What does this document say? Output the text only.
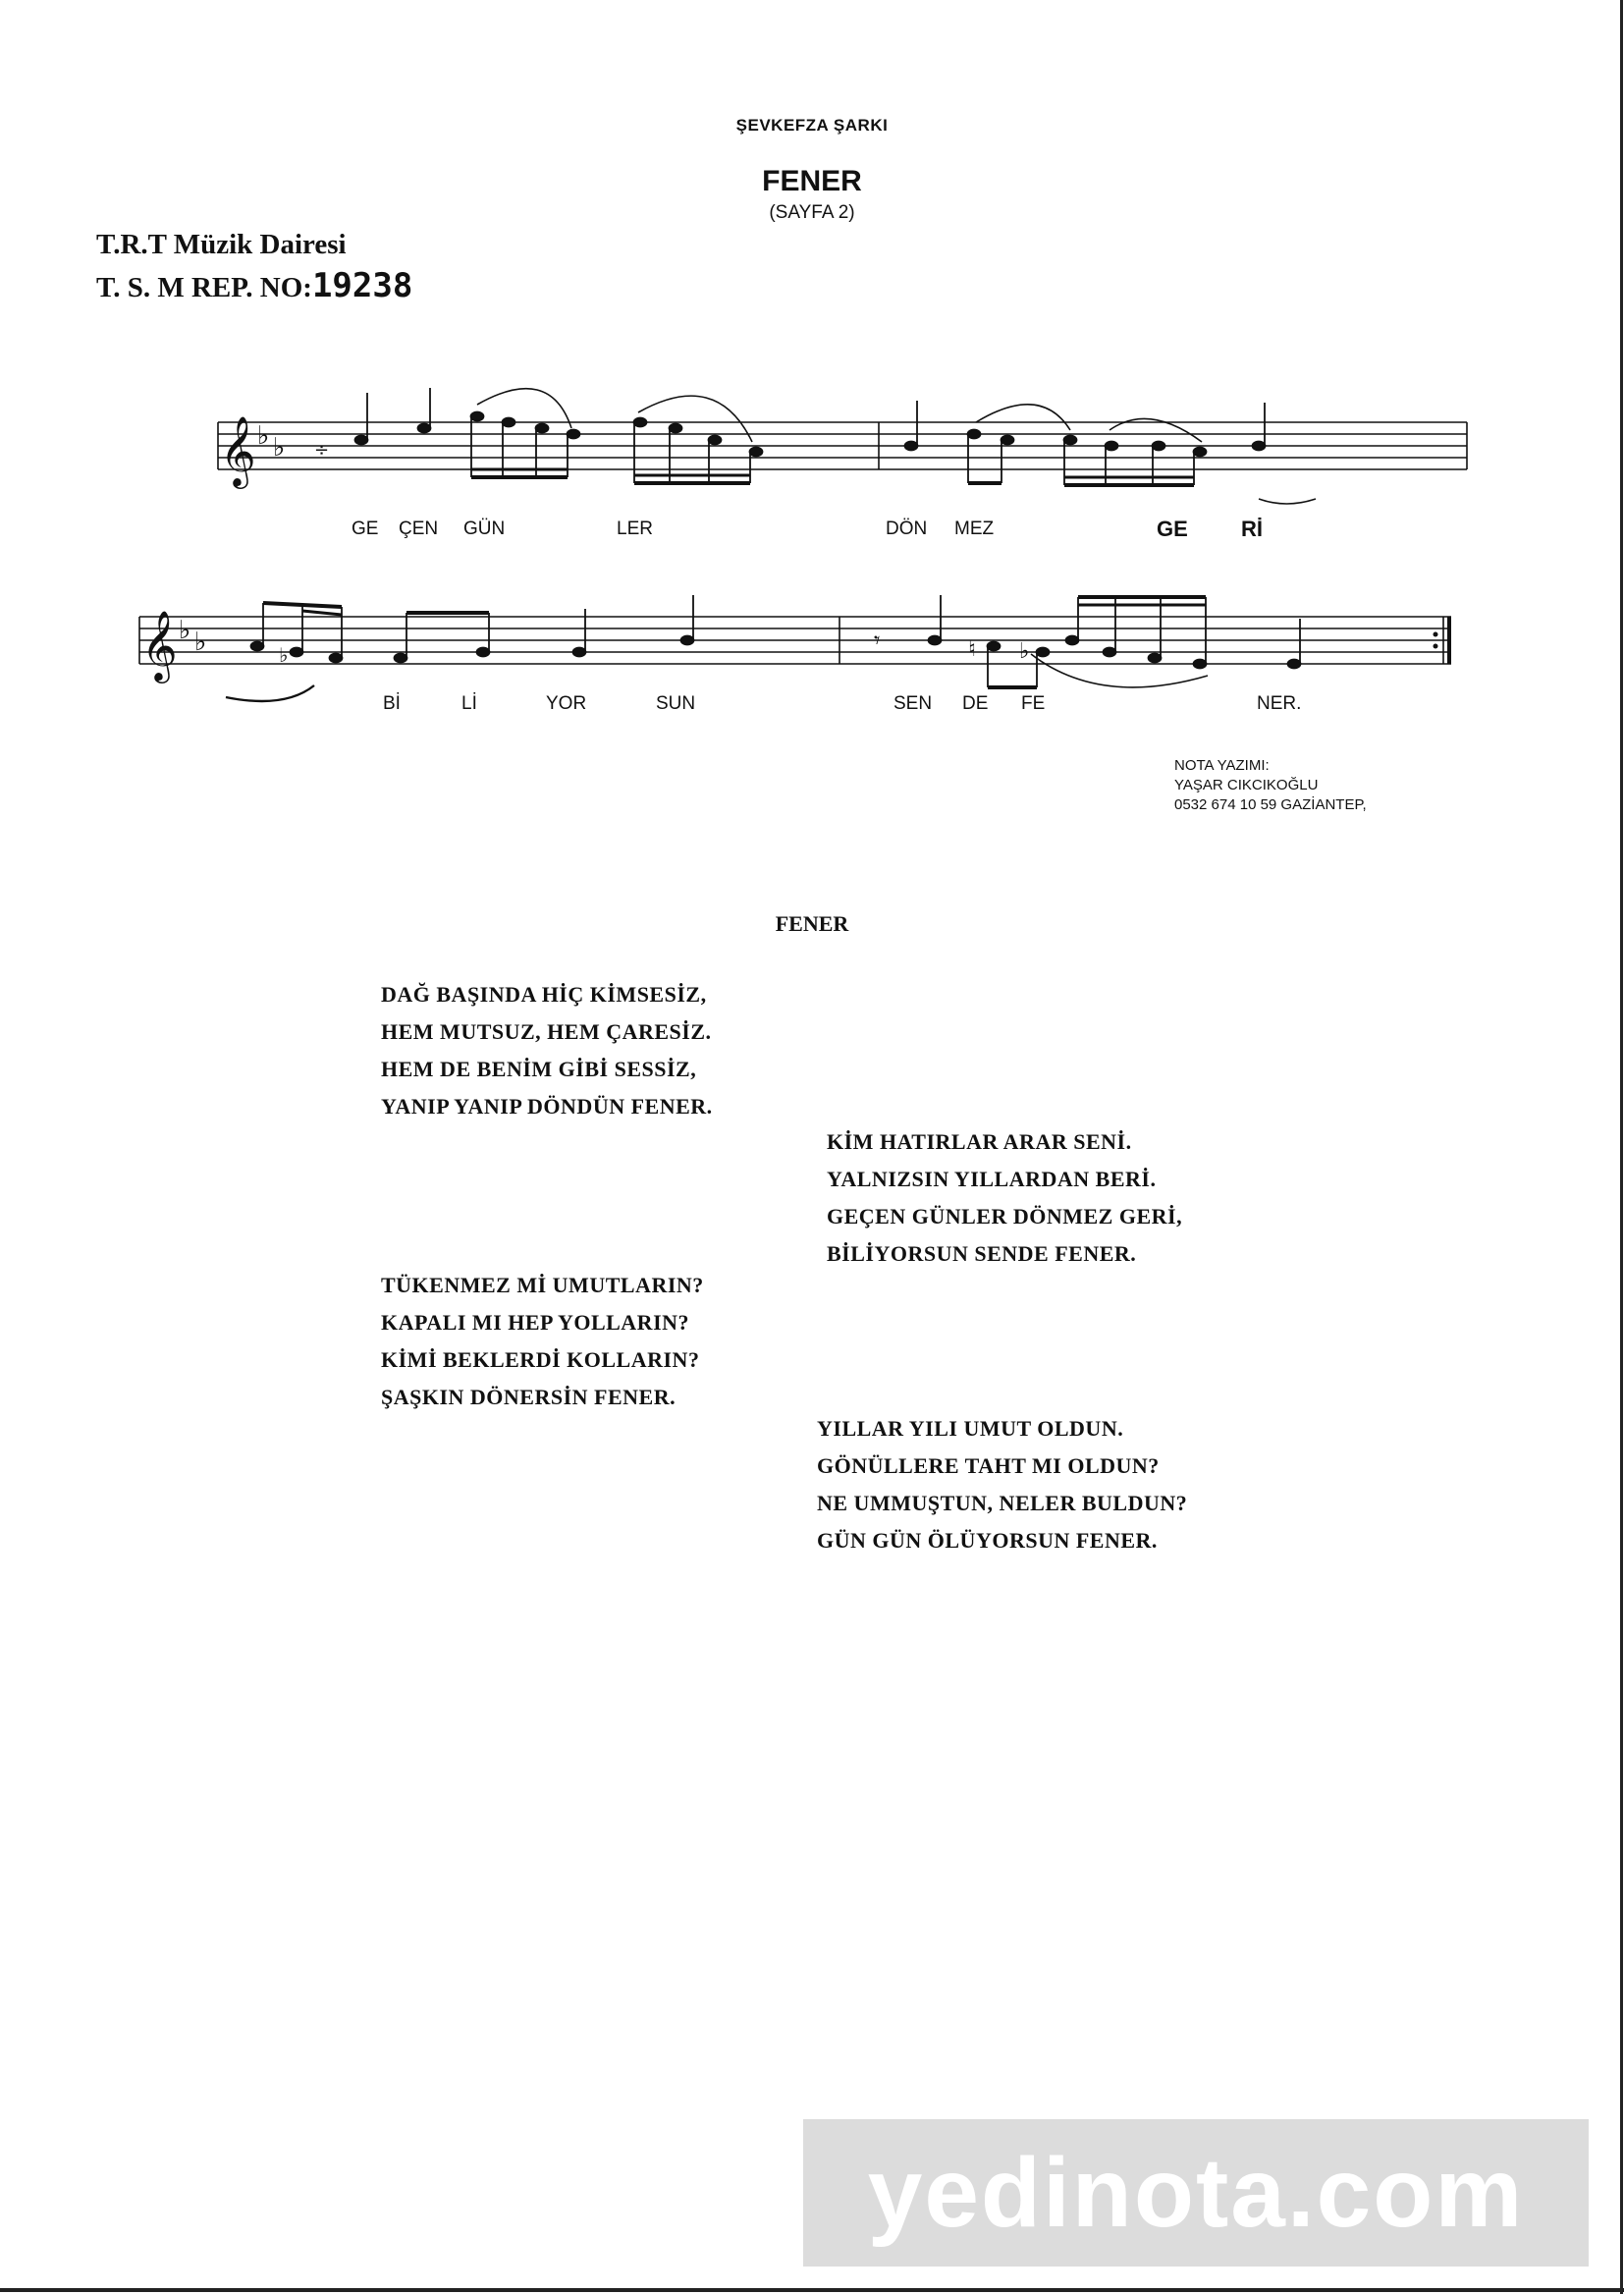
ŞEVKEFZA ŞARKI
FENER
(SAYFA 2)
T.R.T Müzik Dairesi
T. S. M REP. NO:19238
𝄞 ♭ ♭ ÷
GE ÇEN GÜN	LER	DÖN MEZ	GE Rİ
𝄞 ♭ ♭	♮ ♭
♭
𝄾
Bİ	Lİ	YOR	SUN	SEN DE FE	NER.
NOTA YAZIMI:
YAŞAR CIKCIKOĞLU
0532 674 10 59 GAZİANTEP,
FENER
DAĞ BAŞINDA HİÇ KİMSESİZ,
HEM MUTSUZ, HEM ÇARESİZ.
HEM DE BENİM GİBİ SESSİZ,
YANIP YANIP DÖNDÜN FENER.
KİM HATIRLAR ARAR SENİ.
YALNIZSIN YILLARDAN BERİ.
GEÇEN GÜNLER DÖNMEZ GERİ,
BİLİYORSUN SENDE FENER.
TÜKENMEZ Mİ UMUTLARIN?
KAPALI MI HEP YOLLARIN?
KİMİ BEKLERDİ KOLLARIN?
ŞAŞKIN DÖNERSİN FENER.
YILLAR YILI UMUT OLDUN.
GÖNÜLLERE TAHT MI OLDUN?
NE UMMUŞTUN, NELER BULDUN?
GÜN GÜN ÖLÜYORSUN FENER.
yedinota.com
